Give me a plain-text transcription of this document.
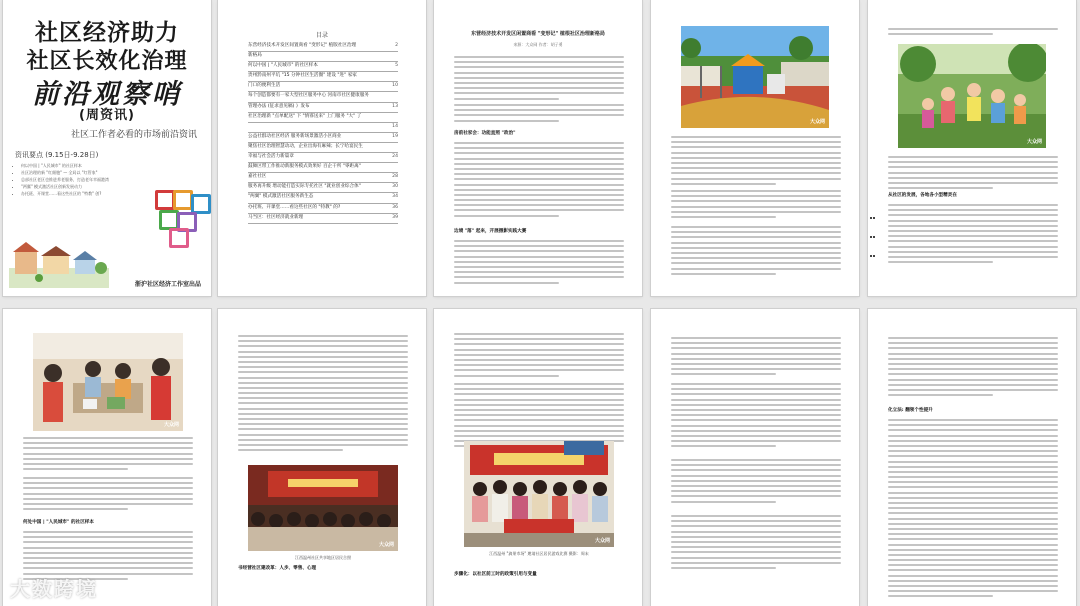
社区经济助力
社区长效化治理
前沿观察哨
(周资讯)
社区工作者必看的市场前沿资讯
资讯要点 (9.15日-9.28日)
• 何以中国 | "人民城市" 的社区样本
• 社区治理的新 "红细胞" — 全局以 "红管家"
• 总部社区老区也推进养老服务，打造老年幸福港湾
• "两翼" 模式激活社区创新发展动力
• 办托班、开课堂……看这些社区的 "特教" 创?
浙沪社区经济工作室出品
目录
东营经济技术开发区间置商看 "变形记" 植版社区治理	2
新格局
何以中国 | "人民城市" 的社区样本	5
贵州黔南州平坑 "15 分钟社区生活圈" 建设 "进" 家家
门口的便利生活	10
每个创造都要有一家大型社区服务中心 河南市社区健康服务
管理办法 (征求意见稿) 》发布	13
社区治理新 "点单配送" 下 "情寡送来" 上门服务 "大" 了
14
公益社群动社区经济 服务新场景激活小区商业	19
聚焦社区治理智慧动动，企业出海有麻辣；长宁哈宴民生
幸福与社会活力新篇章	24
鼓舞区带工作推动新服务模式效果好 百企干所 "零距离"
嘉社社区	28
服务再升级 增动能打造实际专托社区 "就业创业综合体"	30
"两翼" 模式激活社区服务新生态	34
办托班、开课堂……看这些社区的 "特教" 的?	36
马当区：社区经济就业新理	39
东营经济技术开发区闲置商看 "变形记" 植根社区治理新格局
来源：大众网 作者：胡子勇
房前社家会：功能直照 "政治"
边境 "落" 起来，开展摄影实践大赛
大众网
大众网
从社区的发展，各地各小型精灵在
大众网
何处中国 | "人民城市" 的社区样本
大众网
江西温州社区共享地区居民合照
书经营社区建改革：人步、零售、心理
大众网
江西温州 "滴果市场" 邀请社区居民游戏比赛 摄影：周末
步骤化：以社区前工时的政策引用与变量
化立法: 翻领个性提升
大数跨境
